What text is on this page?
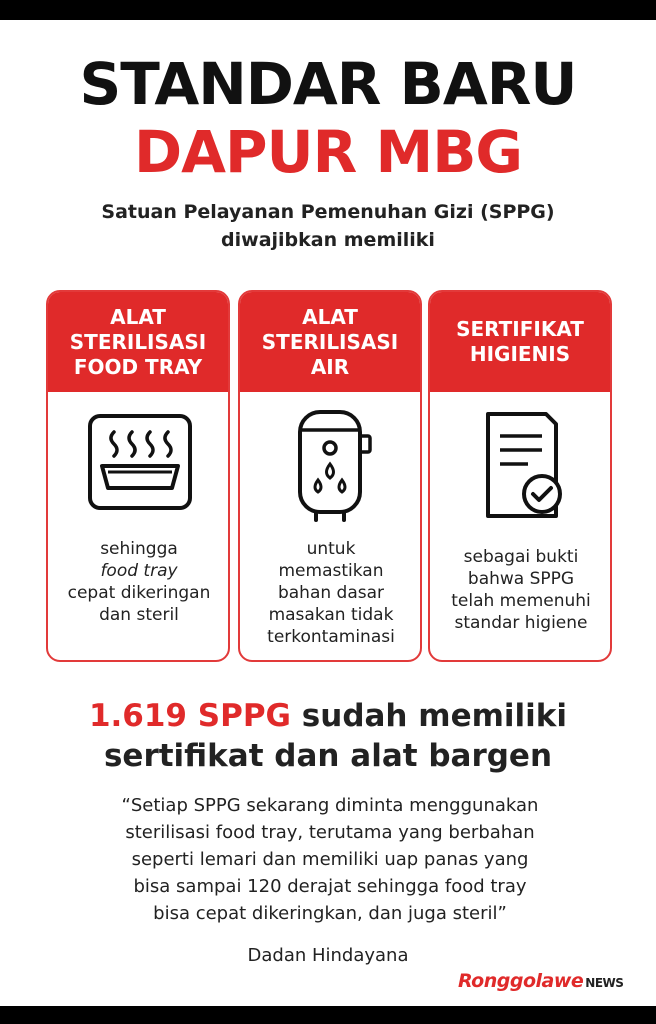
STANDAR BARU
DAPUR MBG
Satuan Pelayanan Pemenuhan Gizi (SPPG)
diwajibkan memiliki
ALAT
STERILISASI
FOOD TRAY
sehingga
food tray
cepat dikeringan
dan steril
ALAT
STERILISASI
AIR
untuk
memastikan
bahan dasar
masakan tidak
terkontaminasi
SERTIFIKAT
HIGIENIS
sebagai bukti
bahwa SPPG
telah memenuhi
standar higiene
1.619 SPPG sudah memiliki
sertifikat dan alat bargen
“Setiap SPPG sekarang diminta menggunakan
sterilisasi food tray, terutama yang berbahan
seperti lemari dan memiliki uap panas yang
bisa sampai 120 derajat sehingga food tray
bisa cepat dikeringkan, dan juga steril”
Dadan Hindayana
Ronggolawe NEWS
